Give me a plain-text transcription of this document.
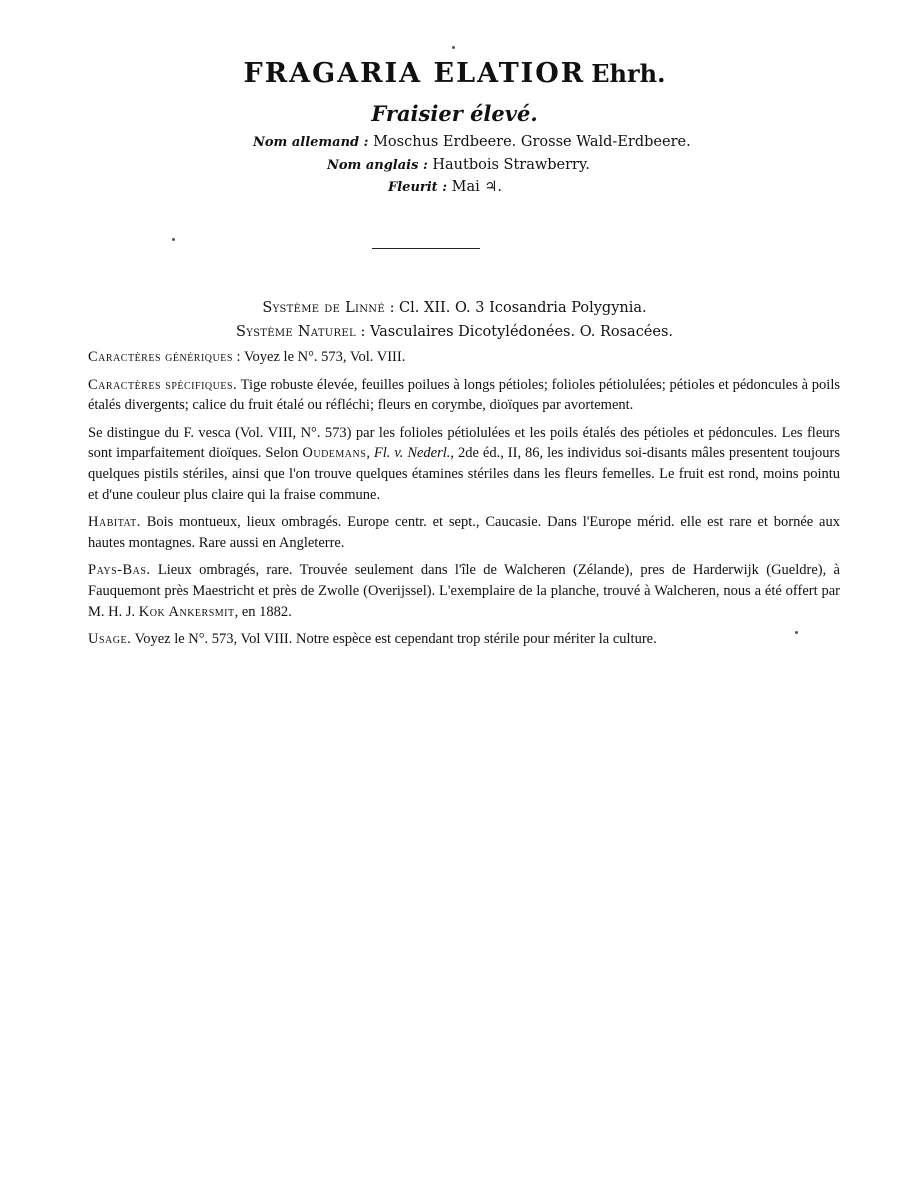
FRAGARIA ELATIOR Ehrh.
Fraisier élevé.
Nom allemand : Moschus Erdbeere. Grosse Wald-Erdbeere.
Nom anglais : Hautbois Strawberry.
Fleurit : Mai ♃.
Système de Linné : Cl. XII. O. 3 Icosandria Polygynia.
Système Naturel : Vasculaires Dicotylédonées. O. Rosacées.

Caractères génériques : Voyez le N°. 573, Vol. VIII.

Caractères spécifiques. Tige robuste élevée, feuilles poilues à longs pétioles; folioles pétiolulées; pétioles et pédoncules à poils étalés divergents; calice du fruit étalé ou réfléchi; fleurs en corymbe, dioïques par avortement.

Se distingue du F. vesca (Vol. VIII, N°. 573) par les folioles pétiolulées et les poils étalés des pétioles et pédoncules. Les fleurs sont imparfaitement dioïques. Selon Oudemans, Fl. v. Nederl., 2de éd., II, 86, les individus soi-disants mâles presentent toujours quelques pistils stériles, ainsi que l'on trouve quelques étamines stériles dans les fleurs femelles. Le fruit est rond, moins pointu et d'une couleur plus claire qui la fraise commune.

Habitat. Bois montueux, lieux ombragés. Europe centr. et sept., Caucasie. Dans l'Europe mérid. elle est rare et bornée aux hautes montagnes. Rare aussi en Angleterre.

Pays-Bas. Lieux ombragés, rare. Trouvée seulement dans l'île de Walcheren (Zélande), pres de Harderwijk (Gueldre), à Fauquemont près Maestricht et près de Zwolle (Overijssel). L'exemplaire de la planche, trouvé à Walcheren, nous a été offert par M. H. J. Kok Ankersmit, en 1882.

Usage. Voyez le N°. 573, Vol VIII. Notre espèce est cependant trop stérile pour mériter la culture.
